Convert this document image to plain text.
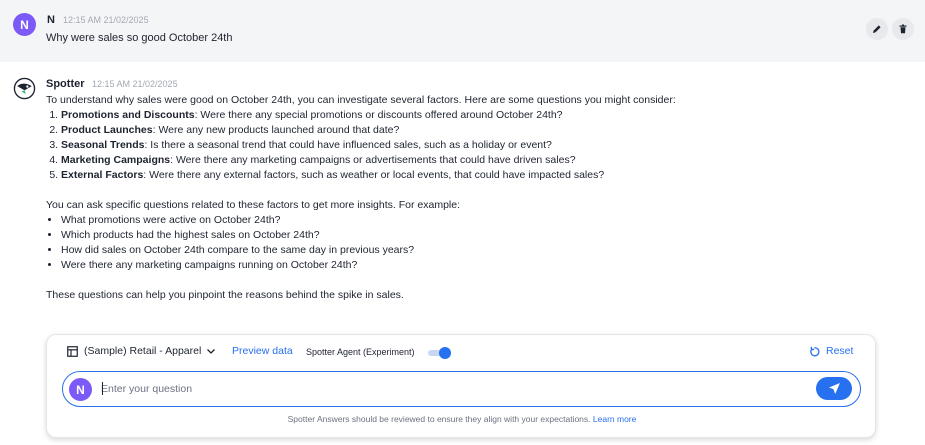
N	N 12:15 AM 21/02/2025
Why were sales so good October 24th
Spotter 12:15 AM 21/02/2025
To understand why sales were good on October 24th, you can investigate several factors. Here are some questions you might consider:
1. Promotions and Discounts: Were there any special promotions or discounts offered around October 24th?
2. Product Launches: Were any new products launched around that date?
3. Seasonal Trends: Is there a seasonal trend that could have influenced sales, such as a holiday or event?
4. Marketing Campaigns: Were there any marketing campaigns or advertisements that could have driven sales?
5. External Factors: Were there any external factors, such as weather or local events, that could have impacted sales?
You can ask specific questions related to these factors to get more insights. For example:
• What promotions were active on October 24th?
• Which products had the highest sales on October 24th?
• How did sales on October 24th compare to the same day in previous years?
• Were there any marketing campaigns running on October 24th?
These questions can help you pinpoint the reasons behind the spike in sales.
(Sample) Retail - Apparel	Preview data Spotter Agent (Experiment)	Reset
N
Enter your question
Spotter Answers should be reviewed to ensure they align with your expectations. Learn more
